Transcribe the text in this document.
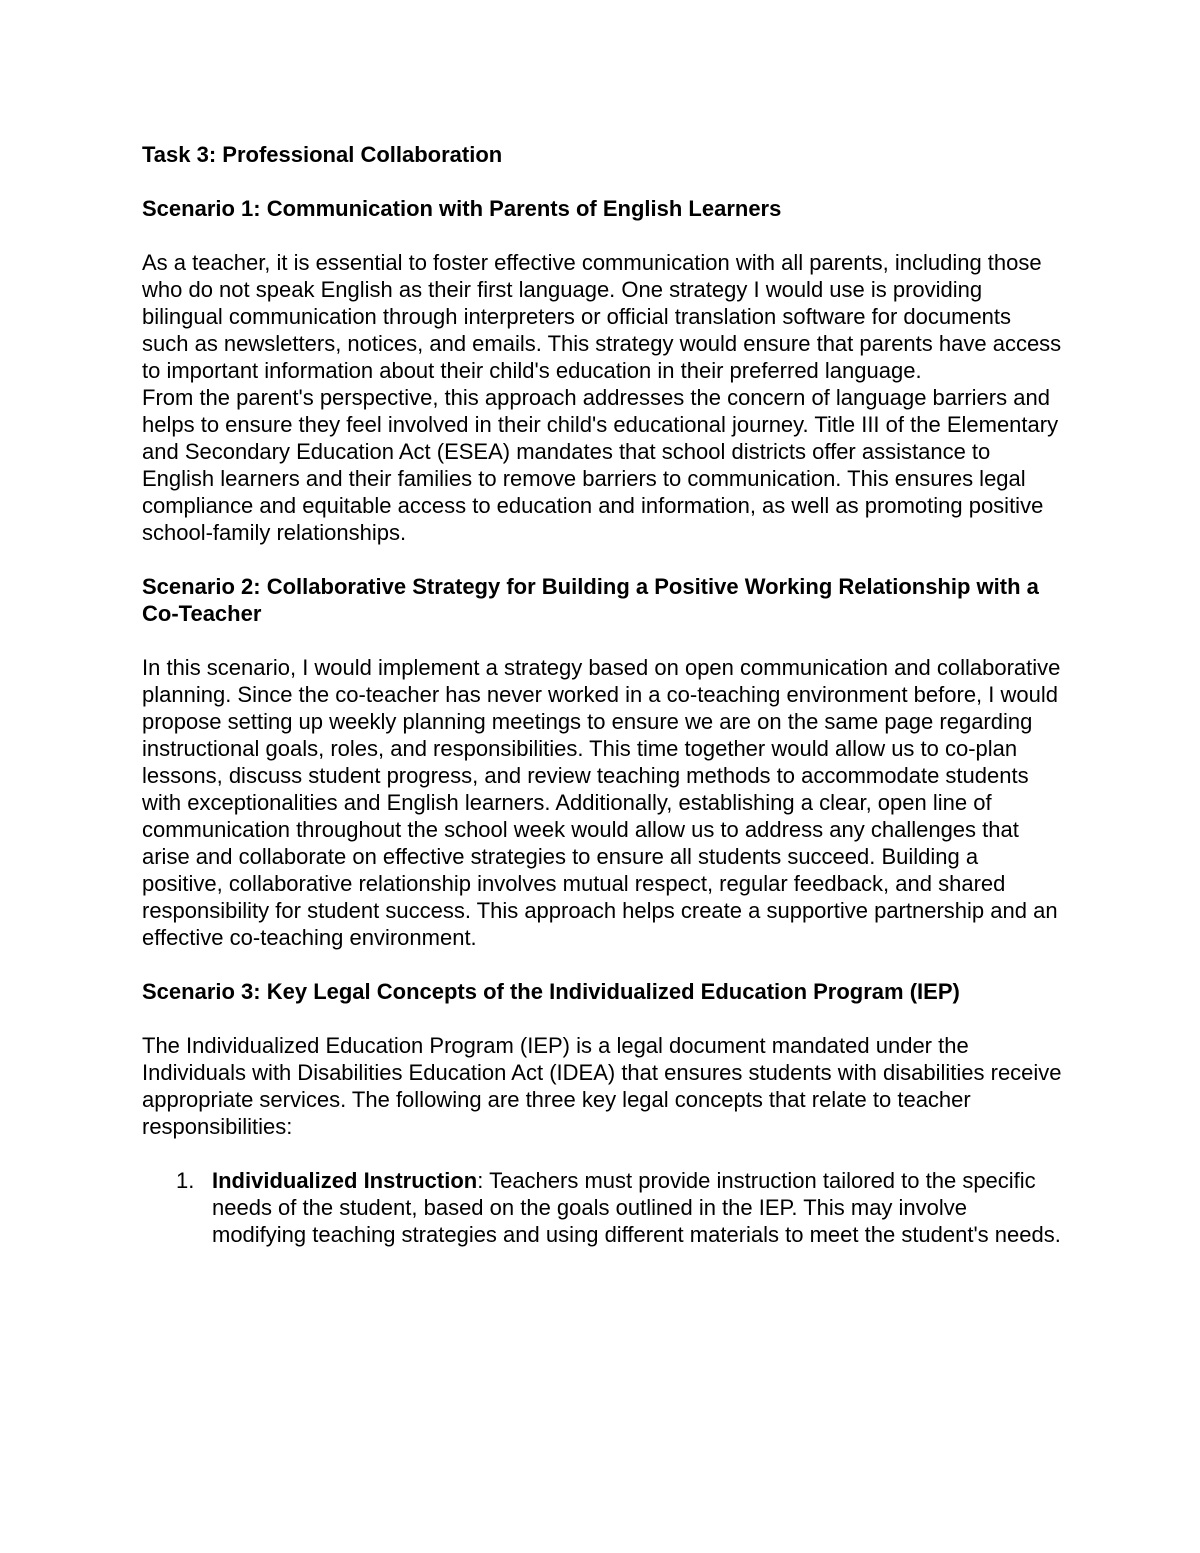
Task 3: Professional Collaboration

Scenario 1: Communication with Parents of English Learners

As a teacher, it is essential to foster effective communication with all parents, including those who do not speak English as their first language. One strategy I would use is providing bilingual communication through interpreters or official translation software for documents such as newsletters, notices, and emails. This strategy would ensure that parents have access to important information about their child's education in their preferred language.

From the parent's perspective, this approach addresses the concern of language barriers and helps to ensure they feel involved in their child's educational journey. Title III of the Elementary and Secondary Education Act (ESEA) mandates that school districts offer assistance to English learners and their families to remove barriers to communication. This ensures legal compliance and equitable access to education and information, as well as promoting positive school-family relationships.

Scenario 2: Collaborative Strategy for Building a Positive Working Relationship with a Co-Teacher

In this scenario, I would implement a strategy based on open communication and collaborative planning. Since the co-teacher has never worked in a co-teaching environment before, I would propose setting up weekly planning meetings to ensure we are on the same page regarding instructional goals, roles, and responsibilities. This time together would allow us to co-plan lessons, discuss student progress, and review teaching methods to accommodate students with exceptionalities and English learners. Additionally, establishing a clear, open line of communication throughout the school week would allow us to address any challenges that arise and collaborate on effective strategies to ensure all students succeed. Building a positive, collaborative relationship involves mutual respect, regular feedback, and shared responsibility for student success. This approach helps create a supportive partnership and an effective co-teaching environment.

Scenario 3: Key Legal Concepts of the Individualized Education Program (IEP)

The Individualized Education Program (IEP) is a legal document mandated under the Individuals with Disabilities Education Act (IDEA) that ensures students with disabilities receive appropriate services. The following are three key legal concepts that relate to teacher responsibilities:

1. Individualized Instruction: Teachers must provide instruction tailored to the specific needs of the student, based on the goals outlined in the IEP. This may involve modifying teaching strategies and using different materials to meet the student's needs.
